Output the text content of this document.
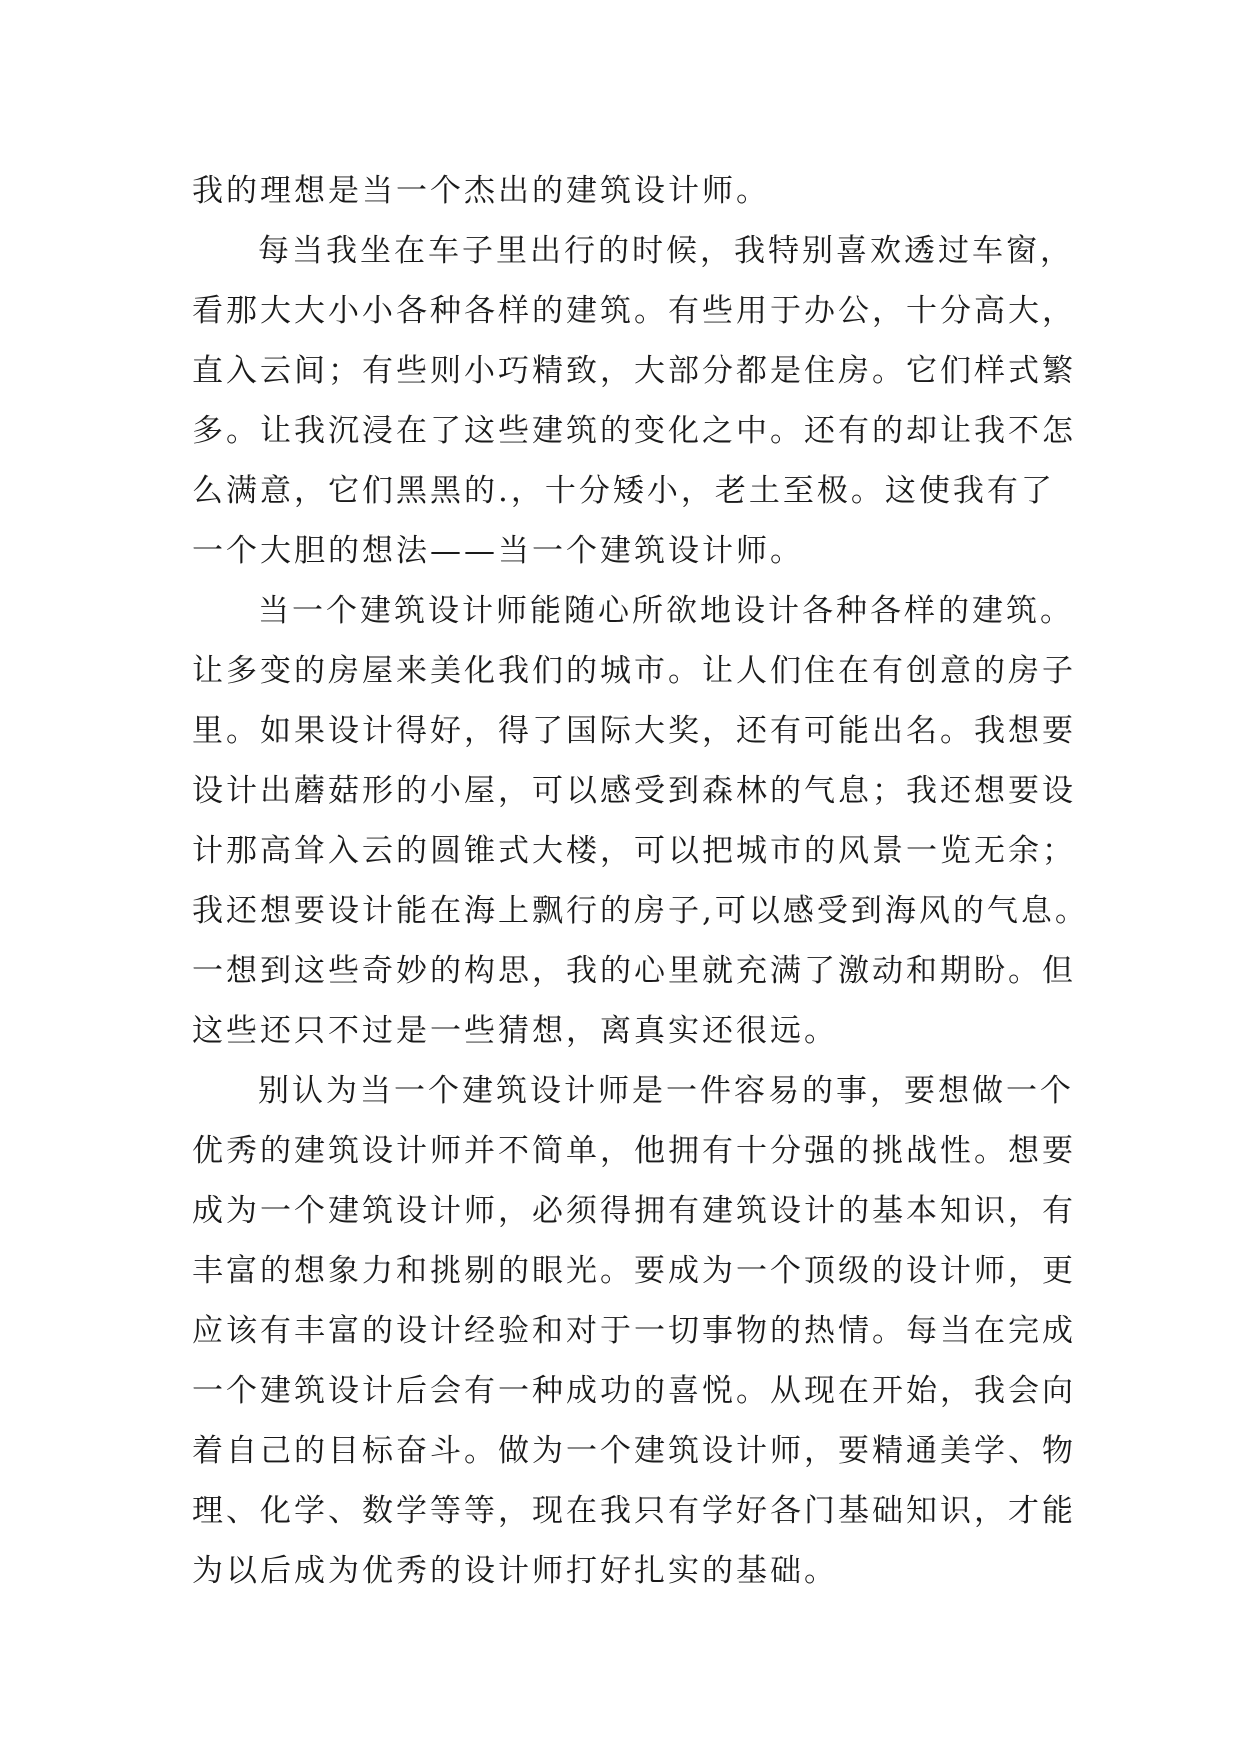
我的理想是当一个杰出的建筑设计师。
每当我坐在车子里出行的时候，我特别喜欢透过车窗，
看那大大小小各种各样的建筑。有些用于办公，十分高大，
直入云间；有些则小巧精致，大部分都是住房。它们样式繁
多。让我沉浸在了这些建筑的变化之中。还有的却让我不怎
么满意，它们黑黑的.，十分矮小，老土至极。这使我有了
一个大胆的想法——当一个建筑设计师。
当一个建筑设计师能随心所欲地设计各种各样的建筑。
让多变的房屋来美化我们的城市。让人们住在有创意的房子
里。如果设计得好，得了国际大奖，还有可能出名。我想要
设计出蘑菇形的小屋，可以感受到森林的气息；我还想要设
计那高耸入云的圆锥式大楼，可以把城市的风景一览无余；
我还想要设计能在海上飘行的房子,可以感受到海风的气息。
一想到这些奇妙的构思，我的心里就充满了激动和期盼。但
这些还只不过是一些猜想，离真实还很远。
别认为当一个建筑设计师是一件容易的事，要想做一个
优秀的建筑设计师并不简单，他拥有十分强的挑战性。想要
成为一个建筑设计师，必须得拥有建筑设计的基本知识，有
丰富的想象力和挑剔的眼光。要成为一个顶级的设计师，更
应该有丰富的设计经验和对于一切事物的热情。每当在完成
一个建筑设计后会有一种成功的喜悦。从现在开始，我会向
着自己的目标奋斗。做为一个建筑设计师，要精通美学、物
理、化学、数学等等，现在我只有学好各门基础知识，才能
为以后成为优秀的设计师打好扎实的基础。
